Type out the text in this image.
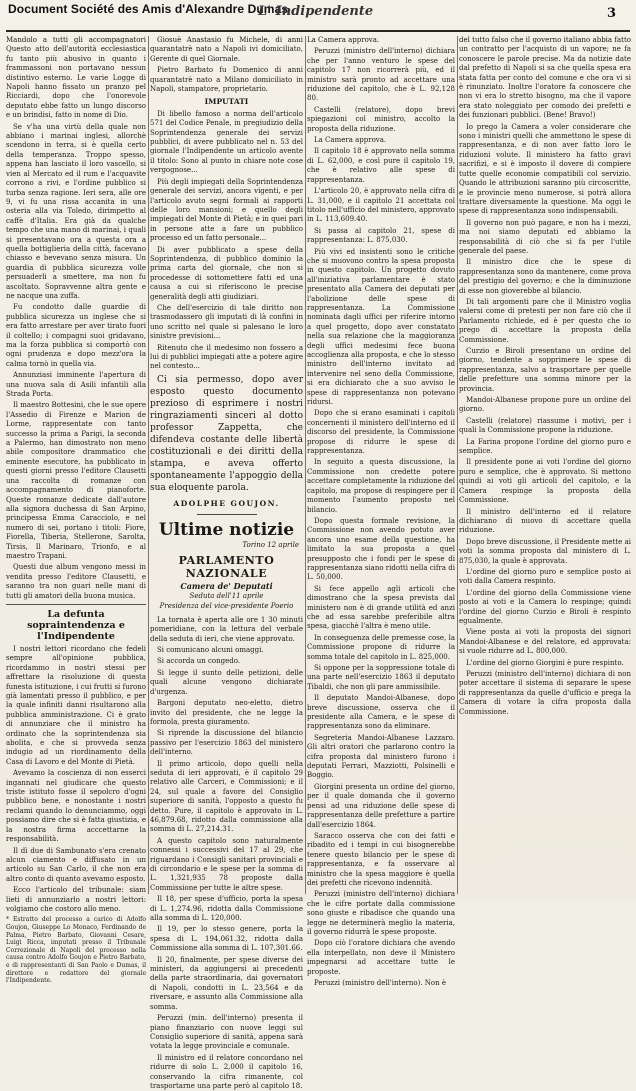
Document Société des Amis d'Alexandre Dumas
L' Indipendente	3

Mandolo a tutti gli accompagnatori Questo atto dell'autorità ecclesiastica fu tanto più abusivo in quanto i frammassoni non portavano nessun distintivo esterno. Le varie Logge di Napoli hanno fissato un pranzo pel Ricciardi, dopo che l'onorevole deputato ebbe fatto un lungo discorso e un brindisi, fatto in nome di Dio.

Se v'ha una virtù della quale non abbiano i marinai inglesi, allorchè scendono in terra, si è quella certo della temperanza. Troppo spesso, appena han lasciato il loro vascello, si vien al Mercato ed il rum e l'acquavite corrono a rivi, e l'ordine pubblico si turba senza ragione. Ieri sera, alle ore 9, vi fu una rissa accanita in una osteria alla via Toledo, dirimpetto al caffè d'Italia. Era già da qualche tempo che una mano di marinai, i quali si presentavano ora a questa ora a quella bottiglieria della città, facevano chiasso e bevevano senza misura. Un guardia di pubblica sicurezza volle persuaderli a smettere, ma non fu ascoltato. Sopravvenne altra gente e ne nacque una zuffa.

Fu condotto dalle guardie di pubblica sicurezza un inglese che si era fatto arrestare per aver tirato fuori il coltello; i compagni suoi gridavano, ma la forza pubblica si comportò con ogni prudenza e dopo mezz'ora la calma tornò in quella via.

Annunziasi imminente l'apertura di una nuova sala di Asili infantili alla Strada Porta.

Il maestro Bottesini, che le sue opere l'Assedio di Firenze e Marion de Lorme, rappresentate con tanto successo la prima a Parigi, la seconda a Palermo, han dimostrato non meno abile compositore drammatico che eminente esecutore, ha pubblicato in questi giorni presso l'editore Clausetti una raccolta di romanze con accompagnamento di pianoforte. Queste romanze dedicate dall'autore alla signora duchessa di San Arpino, principessa Emma Caracciolo, e nel numero di sei, portano i titoli: Fiore, Fiorella, Tiberia, Stellerone, Sarolta, Tirsis, Il Marinaro, Trionfo, e al maestro Trapani.

Questi due album vengono messi in vendita presso l'editore Clausetti, e saranno tra non guari nelle mani di tutti gli amatori della buona musica.

La defunta sopraintendenza e l'Indipendente

I nostri lettori ricordano che fedeli sempre all'opinione pubblica, ricordammo in nostri stessi per affrettare la risoluzione di questa funesta istituzione, i cui frutti si furono già lamentati presso il pubblico, e per la quale infiniti danni risultarono alla pubblica amministrazione. Ci è grato di annunziare che il ministro ha ordinato che la soprintendenza sia abolita, e che si provveda senza indugio ad un riordinamento della Casa di Lavoro e del Monte di Pietà.

Avevamo la coscienza di non esserci ingannati nel giudicare che questo triste istituto fosse il sepolcro d'ogni pubblico bene, e nonostante i nostri reclami quando lo denunciammo, oggi possiamo dire che si è fatta giustizia, e la nostra firma acccettarne la responsabilità.

Il dì due di Sambunato s'era crenato alcun ciamento e diffusato in un articolo su San Carlo, il che non era altro conto di quanto avevamo esposto.

Ecco l'articolo del tribunale: siam lieti di annunziarlo a nostri lettori: volgiamo che costoro allo meno.

* Estratto del processo a carico di Adolfo Goujon, Giuseppe Lo Monaco, Ferdinando de Palma, Pietro Barbato, Giovanni Cesare, Luigi Ricca, imputati presso il Tribunale Correzionale di Napoli del processo nella causa contro Adolfo Goujon e Pietro Barbato, e di rappresentanti di San Paolo e Dumas, il direttore e redattore del giornale l'Indipendente.

Giosuè Anastasio fu Michele, di anni quarantatrè nato a Napoli ivi domiciliato, Gerente di quel Giornale.

Pietro Barbato fu Domenico di anni quarantatrè nato a Milano domiciliato in Napoli, stampatore, proprietario.

IMPUTATI

Di libello famoso a norma dell'articolo 571 del Codice Penale, in pregiudizio della Soprintendenza generale dei servizi pubblici, di avere pubblicato nel n. 53 del giornale l'Indipendente un articolo avente il titolo: Sono al punto in chiare note cose vergognose...

Più degli impiegati della Soprintendenza generale dei servizi, ancora vigenti, e per l'articolo avuto segni formali ai rapporti delle loro mansioni; e quello degli impiegati del Monte di Pietà; e in quei pari in persone atte a fare un pubblico processo ed un fatto personale...

Di aver pubblicato a spese della Soprintendenza, di pubblico dominio la prima carta del giornale, che non si procedesse di sottomettere fatti ed una causa a cui si riferiscono le precise generalità degli atti giudiziari.

Che dell'esercizio di tale diritto non trasmodassero gli imputati di là confini in uno scritto nel quale si palesano le loro sinistre previsioni...

Ritenuto che il medesimo non fossero a lui di pubblici impiegati atte a potere agire nel contesto...

Ci sia permesso, dopo aver esposto questo documento prezioso di esprimere i nostri ringraziamenti sinceri al dotto professor Zappetta, che difendeva costante delle libertà costituzionali e dei diritti della stampa, e aveva offerto spontaneamente l'appoggio della sua eloquente parola.

ADOLPHE GOUJON.
Ultime notizie
Torino 12 aprile
PARLAMENTO NAZIONALE
Camera de' Deputati
Seduta dell'11 aprile
Presidenza del vice-presidente Poerio

La tornata è aperta alle ore 1 30 minuti pomeridiane, con la lettura del verbale della seduta di ieri, che viene approvato.

Si comunicano alcuni omaggi.

Si accorda un congedo.

Si legge il sunto delle petizioni, delle quali alcune vengono dichiarate d'urgenza.

Bargoni deputato neo-eletto, dietro invito del presidente, che ne legge la formola, presta giuramento.

Si riprende la discussione del bilancio passivo per l'esercizio 1863 del ministero dell'interno.

Il primo articolo, dopo quelli nella seduta di ieri approvati, è il capitolo 29 relativo alle Carceri, e Commissioni; e il 24, sul quale a favore del Consiglio superiore di sanità, l'opposto a questo fu detto. Pure, il capitolo è approvato in L. 46,879.68, ridotto dalla commissione alla somma di L. 27,214.31.

A questo capitolo sono naturalmente connessi i successivi del 17 al 29, che riguardano i Consigli sanitari provinciali e di circondario e le spese per la somma di L. 1,321,935 78 proposte dalla Commissione per tutte le altre spese.

Il 18, per spese d'ufficio, porta la spesa di L. 1,274.96, ridotta dalla Commissione alla somma di L. 120,000.

Il 19, per lo stesso genere, porta la spesa di L. 194,061.32, ridotta dalla Commissione alla somma di L. 107,301.66.

Il 20, finalmente, per spese diverse dei ministeri, da aggiungersi ai precedenti della parte straordinaria, dai governatori di Napoli, condotti in L. 23,564 e da riversare, e assunto alla Commissione alla somma.

Peruzzi (min. dell'interno) presenta il piano finanziario con nuove leggi sul Consiglio superiore di sanità, appena sarà votata la legge provinciale e comunale.

Il ministro ed il relatore concordano nel ridurre di solo L. 2,000 il capitolo 16, conservando la cifra rimanente, col trasportarne una parte però al capitolo 18.

La Camera approva.

Peruzzi (ministro dell'interno) dichiara che per l'anno venturo le spese del capitolo 17 non ricorrerà più, ed il ministro sarà pronto ad accettare una riduzione del capitolo, che è L. 92,128 80.

Castelli (relatore), dopo brevi spiegazioni col ministro, accolto la proposta della riduzione.

La Camera approva.

Il capitolo 18 è approvato nella somma di L. 62,000, e così pure il capitolo 19, che è relativo alle spese di rappresentanza.

L'articolo 20, è approvato nella cifra di L. 31,000, e il capitolo 21 accettata col titolo nell'ufficio del ministero, approvato in L. 113,609.40.

Si passa al capitolo 21, spese di rappresentanza: L. 875,030.

Più vivi ed insistenti sono le critiche che si muovono contro la spesa proposta in questo capitolo. Un progetto dovuto all'iniziativa parlamentare è stato presentato alla Camera dei deputati per l'abolizione delle spese di rappresentanza. La Commissione nominata dagli uffici per riferire intorno a quel progetto, dopo aver constatato nella sua relazione che la maggioranza degli uffici medesimi fece buona accoglienza alla proposta, e che lo stesso ministro dell'interno invitato ad intervenire nel seno della Commissione, si era dichiarato che a suo avviso le spese di rappresentanza non potevano ridursi.

Dopo che si erano esaminati i capitoli concernenti il ministero dell'interno ed il discorso del presidente, la Commissione propose di ridurre le spese di rappresentanza.

In seguito a questa discussione, la Commissione non credette potere accettare completamente la riduzione del capitolo, ma propose di respingere per il momento l'aumento proposto nel bilancio.

Dopo questa formale revisione, la Commissione non avendo potuto aver ancora uno esame della questione, ha limitato la sua proposta a quel presupposto che i fondi per le spese di rappresentanza siano ridotti nella cifra di L. 50,000.

Si fece appello agli articoli che dimostrano che la spesa prevista dal ministero non è di grande utilità ed anzi che ad essa sarebbe preferibile altra spesa, giacchè l'altra è meno utile.

In conseguenza delle premesse cose, la Commissione propone di ridurre la somma totale del capitolo in L. 825,000.

Si oppone per la soppressione totale di una parte nell'esercizio 1863 il deputato Tibaldi, che non gli pare ammissibile.

Il deputato Mandoi-Albanese, dopo breve discussione, osserva che il presidente alla Camera, e le spese di rappresentanza sono da eliminare.

Segreteria Mandoi-Albanese Lazzaro. Gli altri oratori che parlarono contro la cifra proposta dal ministero furono i deputati Ferrari, Mazziotti, Polsinelli e Boggio.

Giorgini presenta un ordine del giorno, per il quale domanda che il governo pensi ad una riduzione delle spese di rappresentanza delle prefetture a partire dall'esercizio 1864.

Saracco osserva che con dei fatti e ribadito ed i tempi in cui bisognerebbe tenere questo bilancio per le spese di rappresentanza, e fa osservare al ministro che la spesa maggiore è quella dei prefetti che ricevono indennità.

Peruzzi (ministro dell'interno) dichiara che le cifre portate dalla commissione sono giuste e ribadisce che quando una legge ne determinerà meglio la materia, il governo ridurrà le spese proposte.

Dopo ciò l'oratore dichiara che avendo ella interpellato, non deve il Ministero impegnarsi ad accettare tutte le proposte.

Peruzzi (ministro dell'interno). Non è

del tutto falso che il governo italiano abbia fatto un contratto per l'acquisto di un vapore; ne fa conoscere le parole precise. Ma da notizie date dal prefetto di Napoli si sa che quella spesa era stata fatta per conto del comune e che ora vi si è rinunziato. Inoltre l'oratore fa conoscere che non vi era lo stretto bisogno, ma che il vapore era stato noleggiato per comodo dei prefetti e dei funzionari pubblici. (Bene! Bravo!)

Io prego la Camera a voler considerare che sono i ministri quelli che ammettono le spese di rappresentanza, e di non aver fatto loro le riduzioni volute. Il ministero ha fatto gravi sacrifizi, e si è imposto il dovere di compiere tutte quelle economie compatibili col servizio. Quando le attribuzioni saranno più circoscritte, e le provincie meno numerose, si potrà allora trattare diversamente la questione. Ma oggi le spese di rappresentanza sono indispensabili.

Il governo non può pagare, e non ha i mezzi, ma noi siamo deputati ed abbiamo la responsabilità di ciò che si fa per l'utile generale del paese.

Il ministro dice che le spese di rappresentanza sono da mantenere, come prova del prestigio del governo; e che la diminuzione di esse non gioverebbe al bilancio.

Di tali argomenti pare che il Ministro voglia valersi come di pretesti per non fare ciò che il Parlamento richiede, ed è per questo che io prego di accettare la proposta della Commissione.

Curzio e Biroli presentano un ordine del giorno, tendente a sopprimere le spese di rappresentanza, salvo a trasportare per quelle delle prefetture una somma minore per la provincia.

Mandoi-Albanese propone pure un ordine del giorno.

Castelli (relatore) riassume i motivi, per i quali la Commissione propone la riduzione.

La Farina propone l'ordine del giorno puro e semplice.

Il presidente pone ai voti l'ordine del giorno puro e semplice, che è approvato. Si mettono quindi ai voti gli articoli del capitolo, e la Camera respinge la proposta della Commissione.

Il ministro dell'interno ed il relatore dichiarano di nuovo di accettare quella riduzione.

Dopo breve discussione, il Presidente mette ai voti la somma proposta dal ministero di L. 875,030, la quale è approvata.

L'ordine del giorno puro e semplice posto ai voti dalla Camera respinto.

L'ordine del giorno della Commissione viene posto ai voti e la Camera lo respinge; quindi l'ordine del giorno Curzio e Biroli è respinto egualmente.

Viene posta ai voti la proposta dei signori Mandoi-Albanese e del relatore, ed approvata: si vuole ridurre ad L. 800,000.

L'ordine del giorno Giorgini è pure respinto.

Peruzzi (ministro dell'interno) dichiara di non poter accettare il sistema di separare le spese di rappresentanza da quelle d'ufficio e prega la Camera di votare la cifra proposta dalla Commissione.
